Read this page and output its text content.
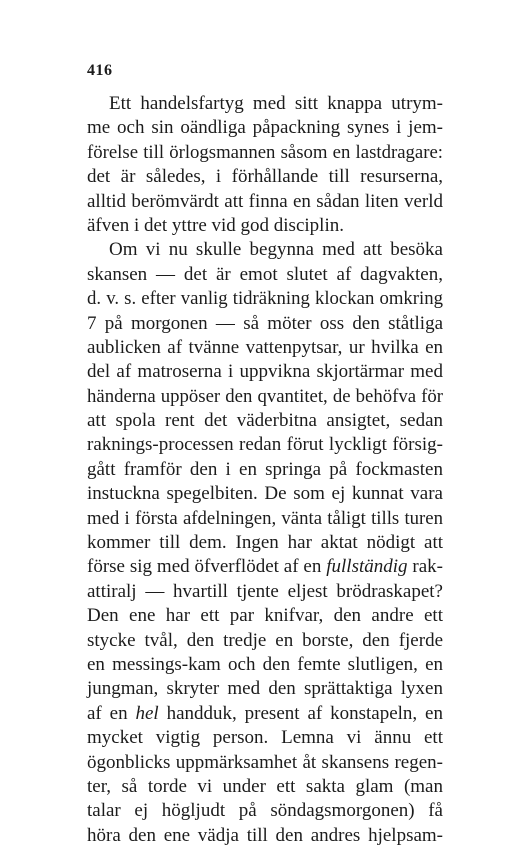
416
Ett handelsfartyg med sitt knappa utrym-
me och sin oändliga påpackning synes i jem-
förelse till örlogsmannen såsom en lastdragare:
det är således, i förhållande till resurserna,
alltid berömvärdt att finna en sådan liten verld
äfven i det yttre vid god disciplin.
Om vi nu skulle begynna med att besöka
skansen — det är emot slutet af dagvakten,
d. v. s. efter vanlig tidräkning klockan omkring
7 på morgonen — så möter oss den ståtliga
aublicken af tvänne vattenpytsar, ur hvilka en
del af matroserna i uppvikna skjortärmar med
händerna uppöser den qvantitet, de behöfva för
att spola rent det väderbitna ansigtet, sedan
raknings-processen redan förut lyckligt försig-
gått framför den i en springa på fockmasten
instuckna spegelbiten. De som ej kunnat vara
med i första afdelningen, vänta tåligt tills turen
kommer till dem. Ingen har aktat nödigt att
förse sig med öfverflödet af en fullständig rak-
attiralj — hvartill tjente eljest brödraskapet?
Den ene har ett par knifvar, den andre ett
stycke tvål, den tredje en borste, den fjerde
en messings-kam och den femte slutligen, en
jungman, skryter med den sprättaktiga lyxen
af en hel handduk, present af konstapeln, en
mycket vigtig person. Lemna vi ännu ett
ögonblicks uppmärksamhet åt skansens regen-
ter, så torde vi under ett sakta glam (man
talar ej högljudt på söndagsmorgonen) få
höra den ene vädja till den andres hjelpsam-
